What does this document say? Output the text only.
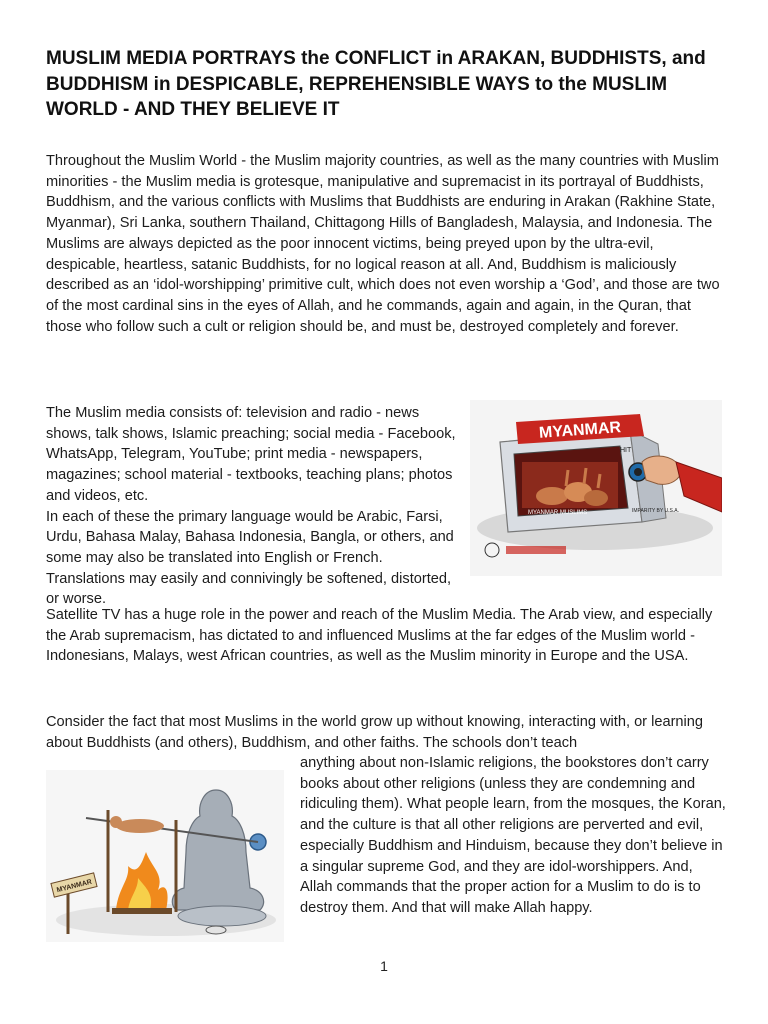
MUSLIM MEDIA PORTRAYS the CONFLICT in ARAKAN, BUDDHISTS, and BUDDHISM in DESPICABLE, REPREHENSIBLE WAYS to the MUSLIM WORLD - AND THEY BELIEVE IT

Throughout the Muslim World - the Muslim majority countries, as well as the many countries with Muslim minorities - the Muslim media is grotesque, manipulative and supremacist in its portrayal of Buddhists, Buddhism, and the various conflicts with Muslims that Buddhists are enduring in Arakan (Rakhine State, Myanmar), Sri Lanka, southern Thailand, Chittagong Hills of Bangladesh, Malaysia, and Indonesia. The Muslims are always depicted as the poor innocent victims, being preyed upon by the ultra-evil, despicable, heartless, satanic Buddhists, for no logical reason at all. And, Buddhism is maliciously described as an ‘idol-worshipping’ primitive cult, which does not even worship a ‘God’, and those are two of the most cardinal sins in the eyes of Allah, and he commands, again and again, in the Quran, that those who follow such a cult or religion should be, and must be, destroyed completely and forever.

The Muslim media consists of: television and radio - news shows, talk shows, Islamic preaching; social media - Facebook, WhatsApp, Telegram, YouTube; print media - newspapers, magazines; school material - textbooks, teaching plans; photos and videos, etc.

In each of these the primary language would be Arabic, Farsi, Urdu, Bahasa Malay, Bahasa Indonesia, Bangla, or others, and some may also be translated into English or French. Translations may easily and connivingly be softened, distorted, or worse.

MYANMAR
HIT
MYANMAR MUSLIMS	IMPARITY BY U.S.A.

Satellite TV has a huge role in the power and reach of the Muslim Media. The Arab view, and especially the Arab supremacism, has dictated to and influenced Muslims at the far edges of the Muslim world - Indonesians, Malays, west African countries, as well as the Muslim minority in Europe and the USA.

Consider the fact that most Muslims in the world grow up without knowing, interacting with, or learning about Buddhists (and others), Buddhism, and other faiths. The schools don’t teach

MYANMAR

anything about non-Islamic religions, the bookstores don’t carry books about other religions (unless they are condemning and ridiculing them). What people learn, from the mosques, the Koran, and the culture is that all other religions are perverted and evil, especially Buddhism and Hinduism, because they don’t believe in a singular supreme God, and they are idol-worshippers. And, Allah commands that the proper action for a Muslim to do is to destroy them. And that will make Allah happy.

1
